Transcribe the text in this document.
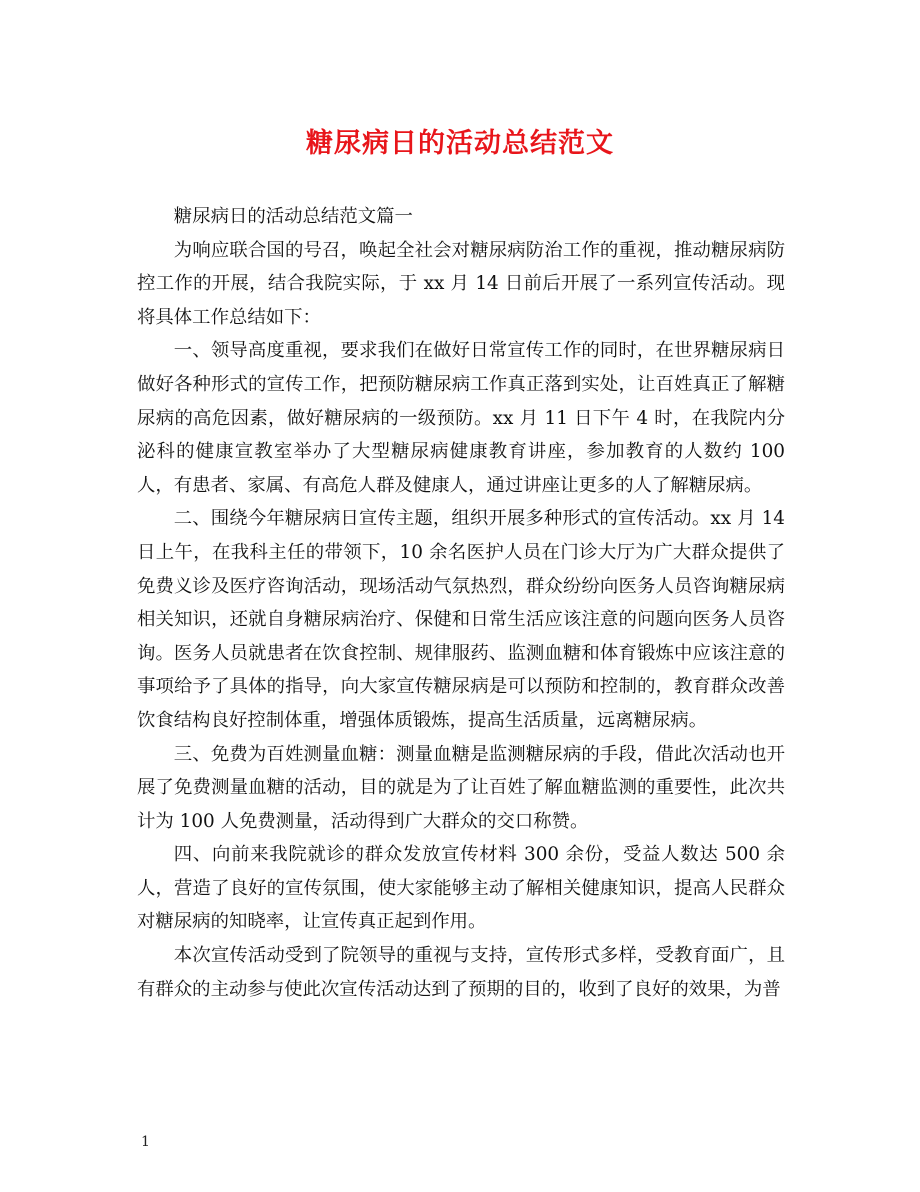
糖尿病日的活动总结范文

糖尿病日的活动总结范文篇一

为响应联合国的号召，唤起全社会对糖尿病防治工作的重视，推动糖尿病防控工作的开展，结合我院实际，于 xx 月 14 日前后开展了一系列宣传活动。现将具体工作总结如下：

一、领导高度重视，要求我们在做好日常宣传工作的同时，在世界糖尿病日做好各种形式的宣传工作，把预防糖尿病工作真正落到实处，让百姓真正了解糖尿病的高危因素，做好糖尿病的一级预防。xx 月 11 日下午 4 时，在我院内分泌科的健康宣教室举办了大型糖尿病健康教育讲座，参加教育的人数约 100 人，有患者、家属、有高危人群及健康人，通过讲座让更多的人了解糖尿病。

二、围绕今年糖尿病日宣传主题，组织开展多种形式的宣传活动。xx 月 14 日上午，在我科主任的带领下，10 余名医护人员在门诊大厅为广大群众提供了免费义诊及医疗咨询活动，现场活动气氛热烈，群众纷纷向医务人员咨询糖尿病相关知识，还就自身糖尿病治疗、保健和日常生活应该注意的问题向医务人员咨询。医务人员就患者在饮食控制、规律服药、监测血糖和体育锻炼中应该注意的事项给予了具体的指导，向大家宣传糖尿病是可以预防和控制的，教育群众改善饮食结构良好控制体重，增强体质锻炼，提高生活质量，远离糖尿病。

三、免费为百姓测量血糖：测量血糖是监测糖尿病的手段，借此次活动也开展了免费测量血糖的活动，目的就是为了让百姓了解血糖监测的重要性，此次共计为 100 人免费测量，活动得到广大群众的交口称赞。

四、向前来我院就诊的群众发放宣传材料 300 余份，受益人数达 500 余人，营造了良好的宣传氛围，使大家能够主动了解相关健康知识，提高人民群众对糖尿病的知晓率，让宣传真正起到作用。

本次宣传活动受到了院领导的重视与支持，宣传形式多样，受教育面广，且有群众的主动参与使此次宣传活动达到了预期的目的，收到了良好的效果，为普

1
